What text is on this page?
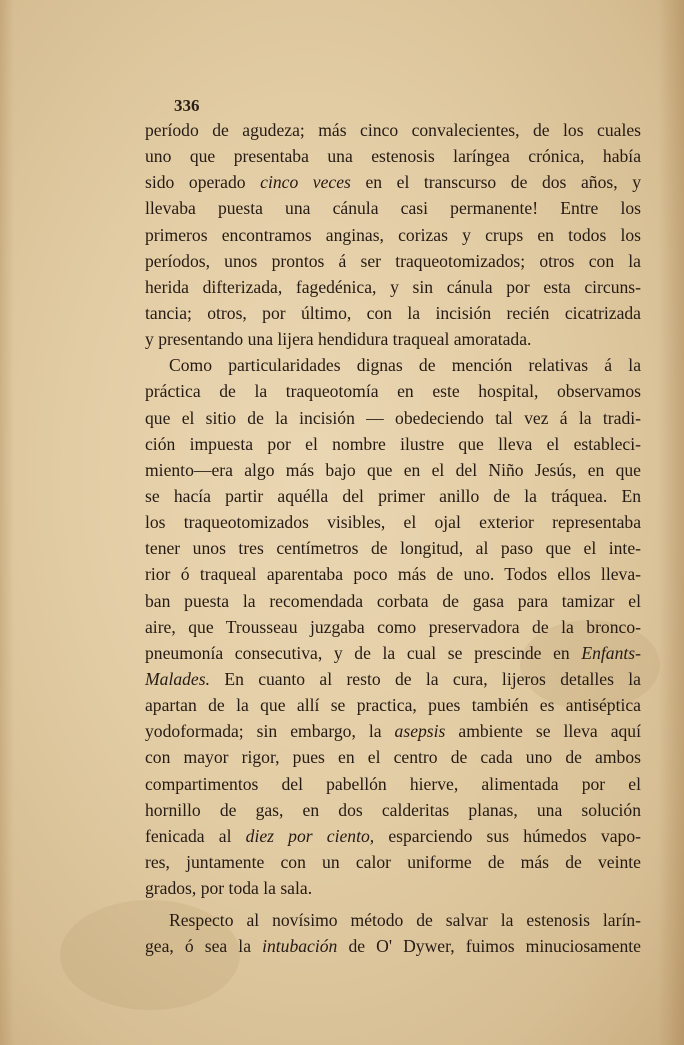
336
período de agudeza; más cinco convalecientes, de los cuales
uno que presentaba una estenosis laríngea crónica, había
sido operado cinco veces en el transcurso de dos años, y
llevaba puesta una cánula casi permanente! Entre los
primeros encontramos anginas, corizas y crups en todos los
períodos, unos prontos á ser traqueotomizados; otros con la
herida difterizada, fagedénica, y sin cánula por esta circuns-
tancia; otros, por último, con la incisión recién cicatrizada
y presentando una lijera hendidura traqueal amoratada.
Como particularidades dignas de mención relativas á la
práctica de la traqueotomía en este hospital, observamos
que el sitio de la incisión — obedeciendo tal vez á la tradi-
ción impuesta por el nombre ilustre que lleva el estableci-
miento—era algo más bajo que en el del Niño Jesús, en que
se hacía partir aquélla del primer anillo de la tráquea. En
los traqueotomizados visibles, el ojal exterior representaba
tener unos tres centímetros de longitud, al paso que el inte-
rior ó traqueal aparentaba poco más de uno. Todos ellos lleva-
ban puesta la recomendada corbata de gasa para tamizar el
aire, que Trousseau juzgaba como preservadora de la bronco-
pneumonía consecutiva, y de la cual se prescinde en Enfants-
Malades. En cuanto al resto de la cura, lijeros detalles la
apartan de la que allí se practica, pues también es antiséptica
yodoformada; sin embargo, la asepsis ambiente se lleva aquí
con mayor rigor, pues en el centro de cada uno de ambos
compartimentos del pabellón hierve, alimentada por el
hornillo de gas, en dos calderitas planas, una solución
fenicada al diez por ciento, esparciendo sus húmedos vapo-
res, juntamente con un calor uniforme de más de veinte
grados, por toda la sala.
Respecto al novísimo método de salvar la estenosis larín-
gea, ó sea la intubación de O' Dywer, fuimos minuciosamente
